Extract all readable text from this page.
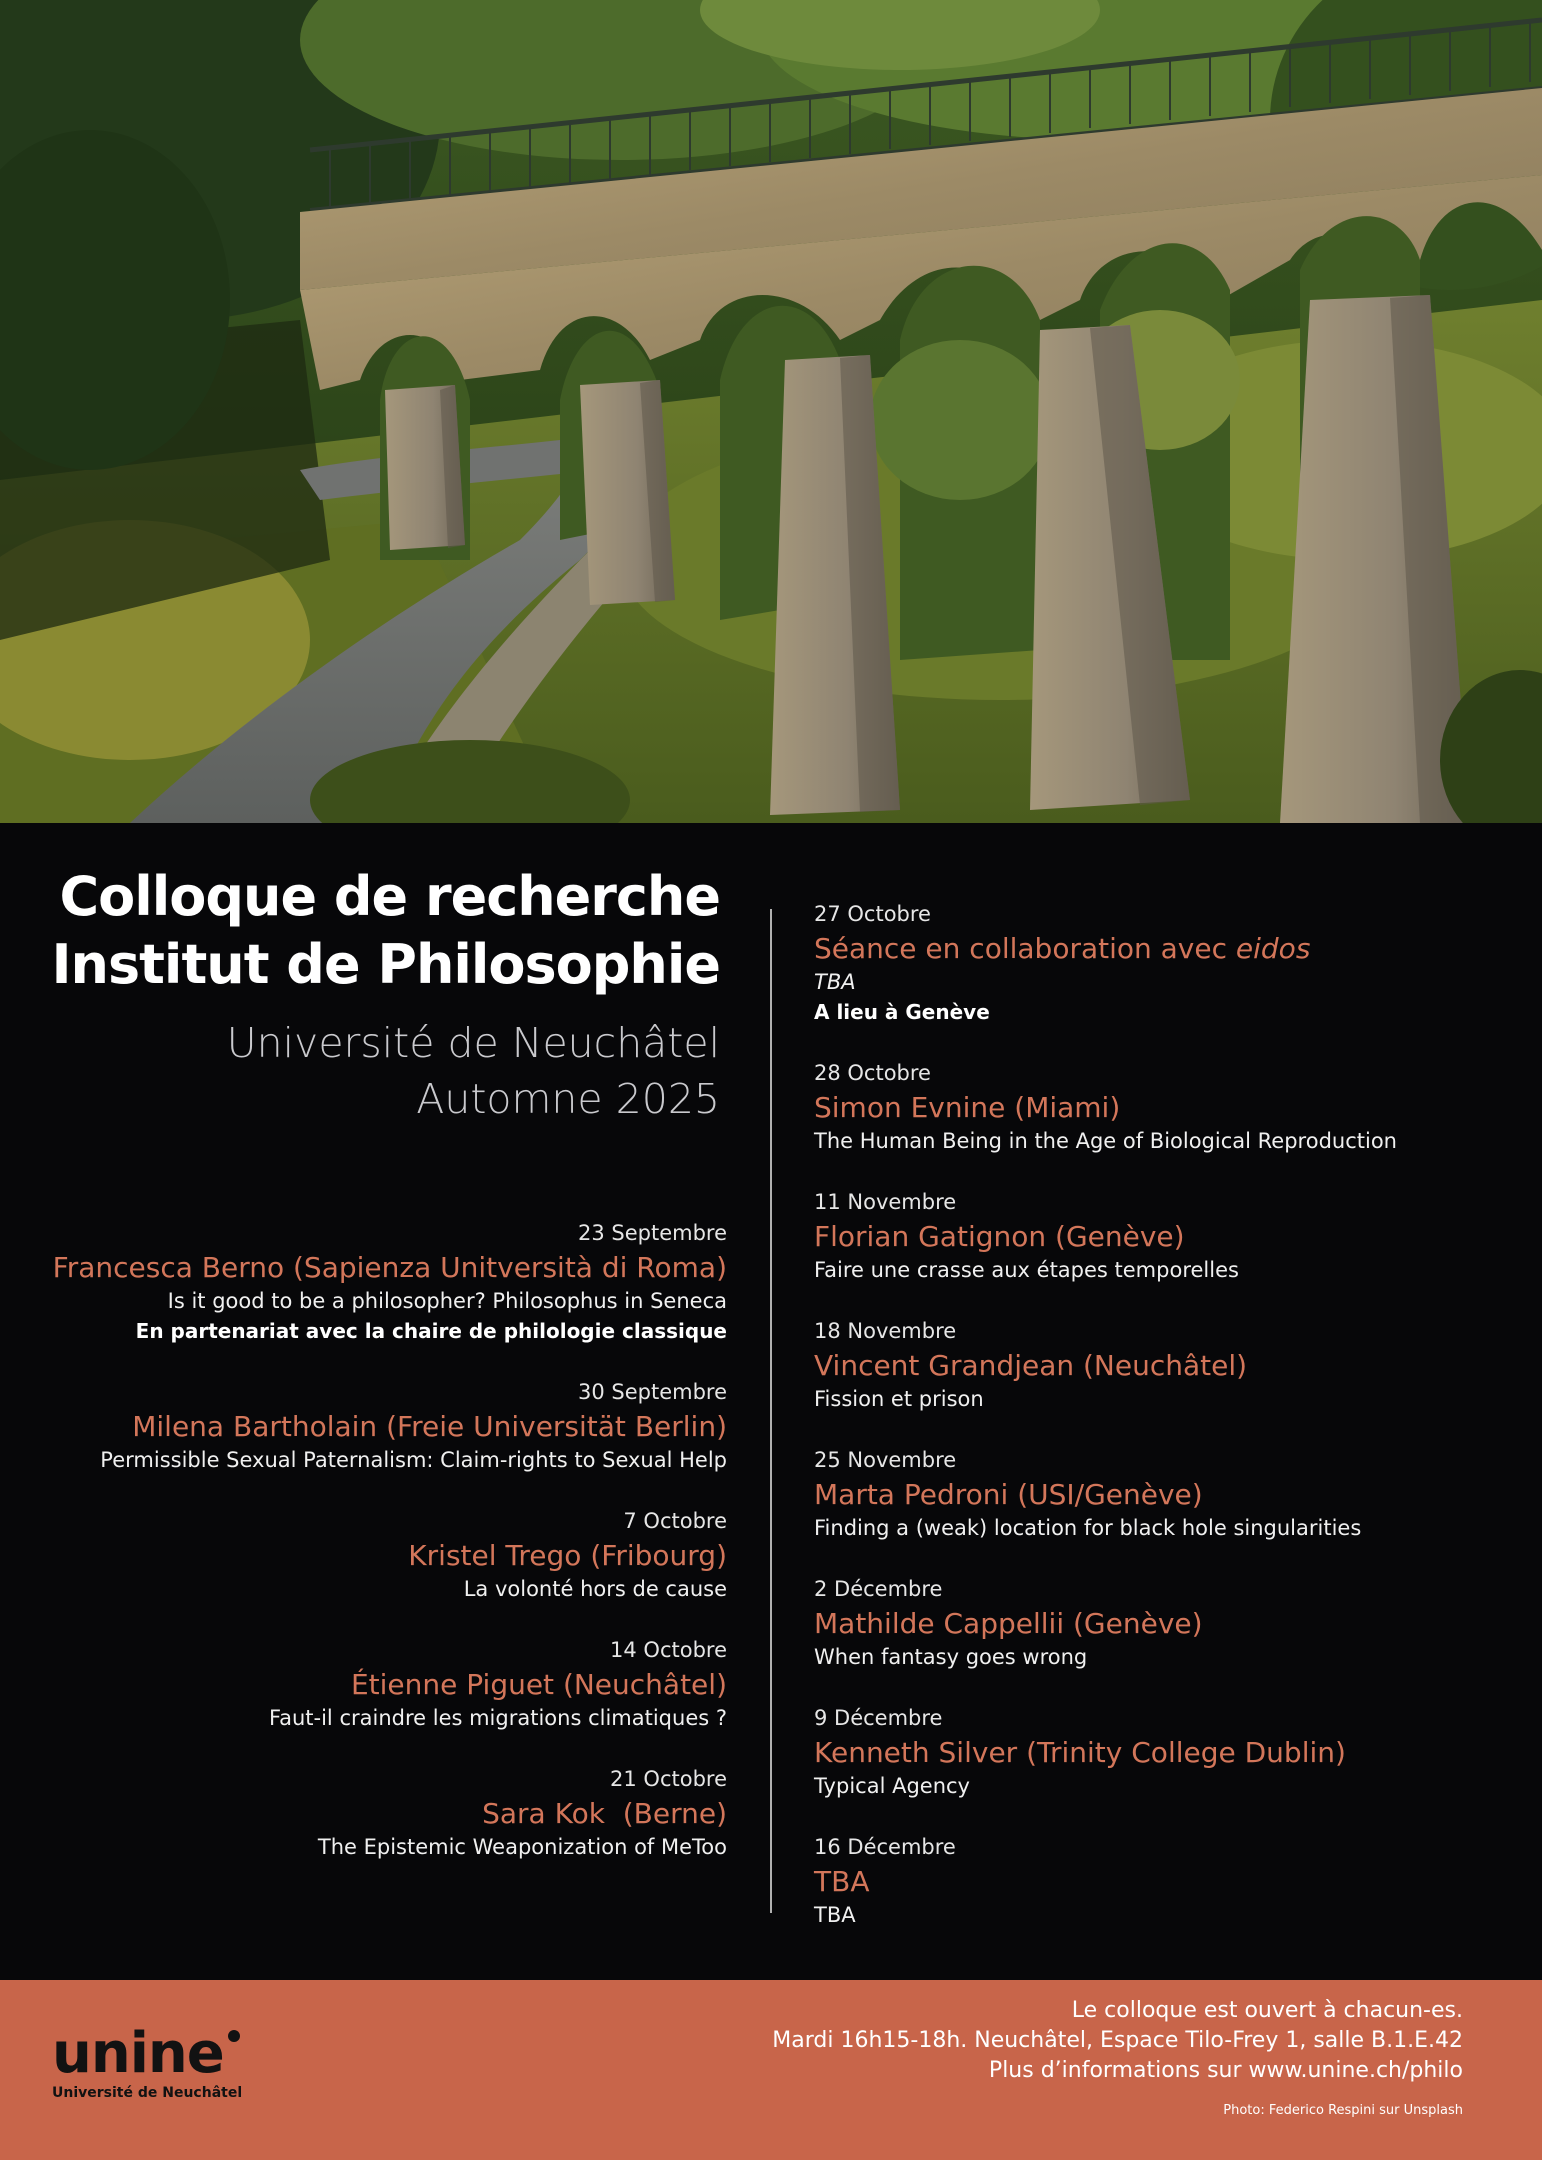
Colloque de recherche
Institut de Philosophie
Université de Neuchâtel
Automne 2025
23 Septembre
Francesca Berno (Sapienza Unitversità di Roma)
Is it good to be a philosopher? Philosophus in Seneca
En partenariat avec la chaire de philologie classique
30 Septembre
Milena Bartholain (Freie Universität Berlin)
Permissible Sexual Paternalism: Claim-rights to Sexual Help
7 Octobre
Kristel Trego (Fribourg)
La volonté hors de cause
14 Octobre
Étienne Piguet (Neuchâtel)
Faut-il craindre les migrations climatiques ?
21 Octobre
Sara Kok  (Berne)
The Epistemic Weaponization of MeToo
27 Octobre
Séance en collaboration avec eidos
TBA
A lieu à Genève
28 Octobre
Simon Evnine (Miami)
The Human Being in the Age of Biological Reproduction
11 Novembre
Florian Gatignon (Genève)
Faire une crasse aux étapes temporelles
18 Novembre
Vincent Grandjean (Neuchâtel)
Fission et prison
25 Novembre
Marta Pedroni (USI/Genève)
Finding a (weak) location for black hole singularities
2 Décembre
Mathilde Cappellii (Genève)
When fantasy goes wrong
9 Décembre
Kenneth Silver (Trinity College Dublin)
Typical Agency
16 Décembre
TBA
TBA
unine
Université de Neuchâtel
Le colloque est ouvert à chacun-es.
Mardi 16h15-18h. Neuchâtel, Espace Tilo-Frey 1, salle B.1.E.42
Plus d’informations sur www.unine.ch/philo
Photo: Federico Respini sur Unsplash
